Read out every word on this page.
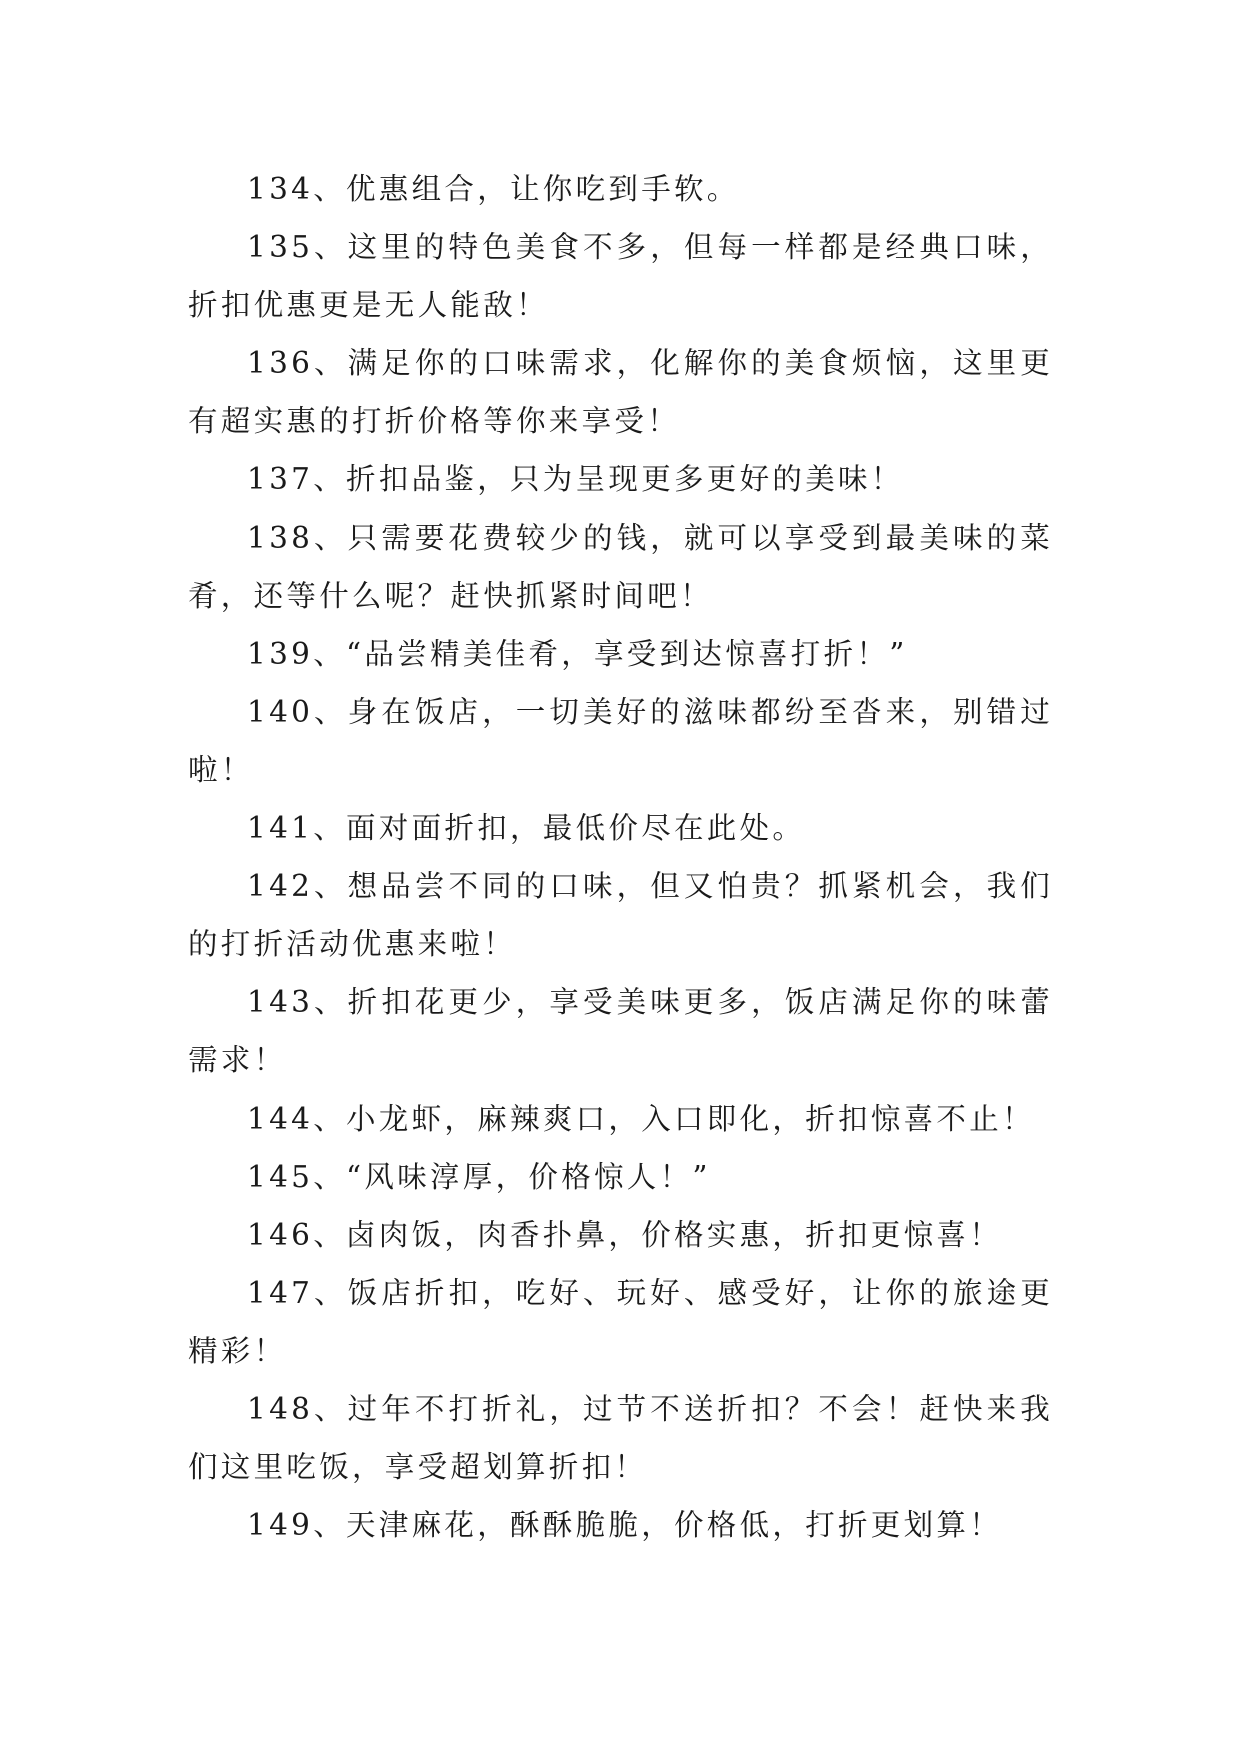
134、优惠组合，让你吃到手软。

135、这里的特色美食不多，但每一样都是经典口味，折扣优惠更是无人能敌！

136、满足你的口味需求，化解你的美食烦恼，这里更有超实惠的打折价格等你来享受！

137、折扣品鉴，只为呈现更多更好的美味！

138、只需要花费较少的钱，就可以享受到最美味的菜肴，还等什么呢？赶快抓紧时间吧！

139、“品尝精美佳肴，享受到达惊喜打折！”

140、身在饭店，一切美好的滋味都纷至沓来，别错过啦！

141、面对面折扣，最低价尽在此处。

142、想品尝不同的口味，但又怕贵？抓紧机会，我们的打折活动优惠来啦！

143、折扣花更少，享受美味更多，饭店满足你的味蕾需求！

144、小龙虾，麻辣爽口，入口即化，折扣惊喜不止！

145、“风味淳厚，价格惊人！”

146、卤肉饭，肉香扑鼻，价格实惠，折扣更惊喜！

147、饭店折扣，吃好、玩好、感受好，让你的旅途更精彩！

148、过年不打折礼，过节不送折扣？不会！赶快来我们这里吃饭，享受超划算折扣！

149、天津麻花，酥酥脆脆，价格低，打折更划算！
